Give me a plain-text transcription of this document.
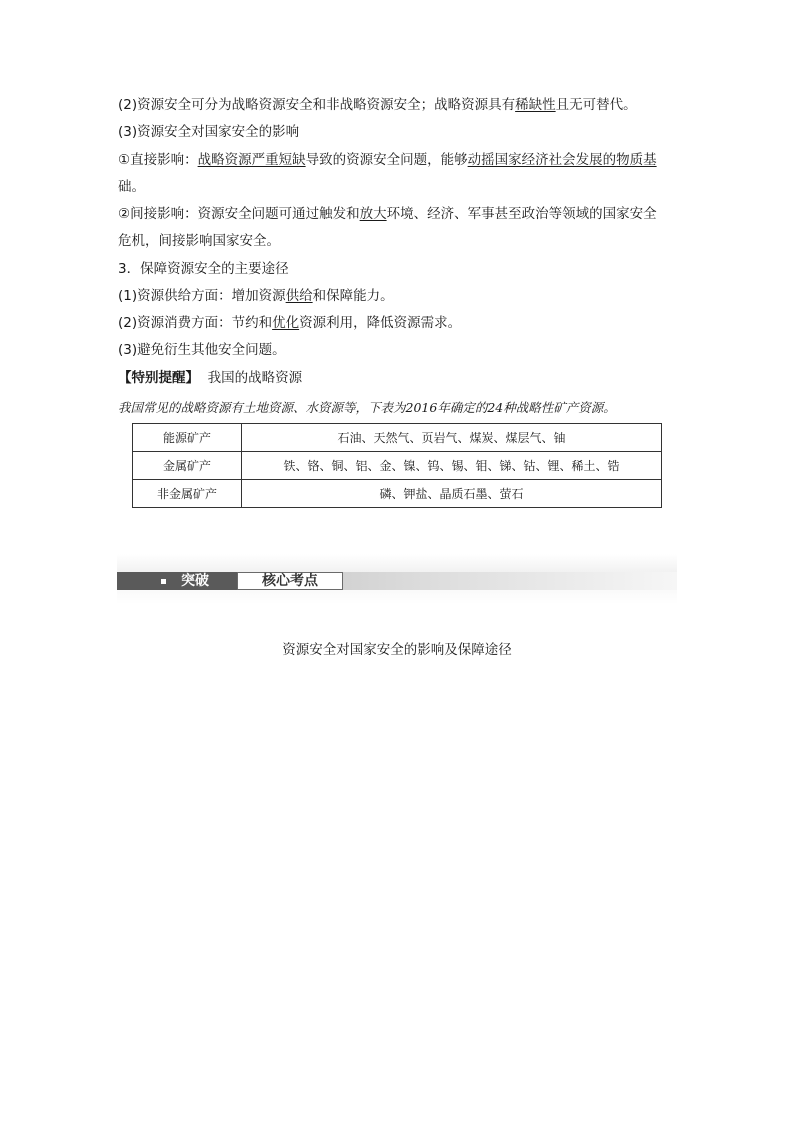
(2)资源安全可分为战略资源安全和非战略资源安全；战略资源具有稀缺性且无可替代。
(3)资源安全对国家安全的影响
①直接影响：战略资源严重短缺导致的资源安全问题，能够动摇国家经济社会发展的物质基
础。
②间接影响：资源安全问题可通过触发和放大环境、经济、军事甚至政治等领域的国家安全
危机，间接影响国家安全。
3．保障资源安全的主要途径
(1)资源供给方面：增加资源供给和保障能力。
(2)资源消费方面：节约和优化资源利用，降低资源需求。
(3)避免衍生其他安全问题。
【特别提醒】 我国的战略资源
我国常见的战略资源有土地资源、水资源等，下表为2016年确定的24种战略性矿产资源。
能源矿产	石油、天然气、页岩气、煤炭、煤层气、铀
金属矿产	铁、铬、铜、铝、金、镍、钨、锡、钼、锑、钴、锂、稀土、锆
非金属矿产	磷、钾盐、晶质石墨、萤石
突破	核心考点
资源安全对国家安全的影响及保障途径
